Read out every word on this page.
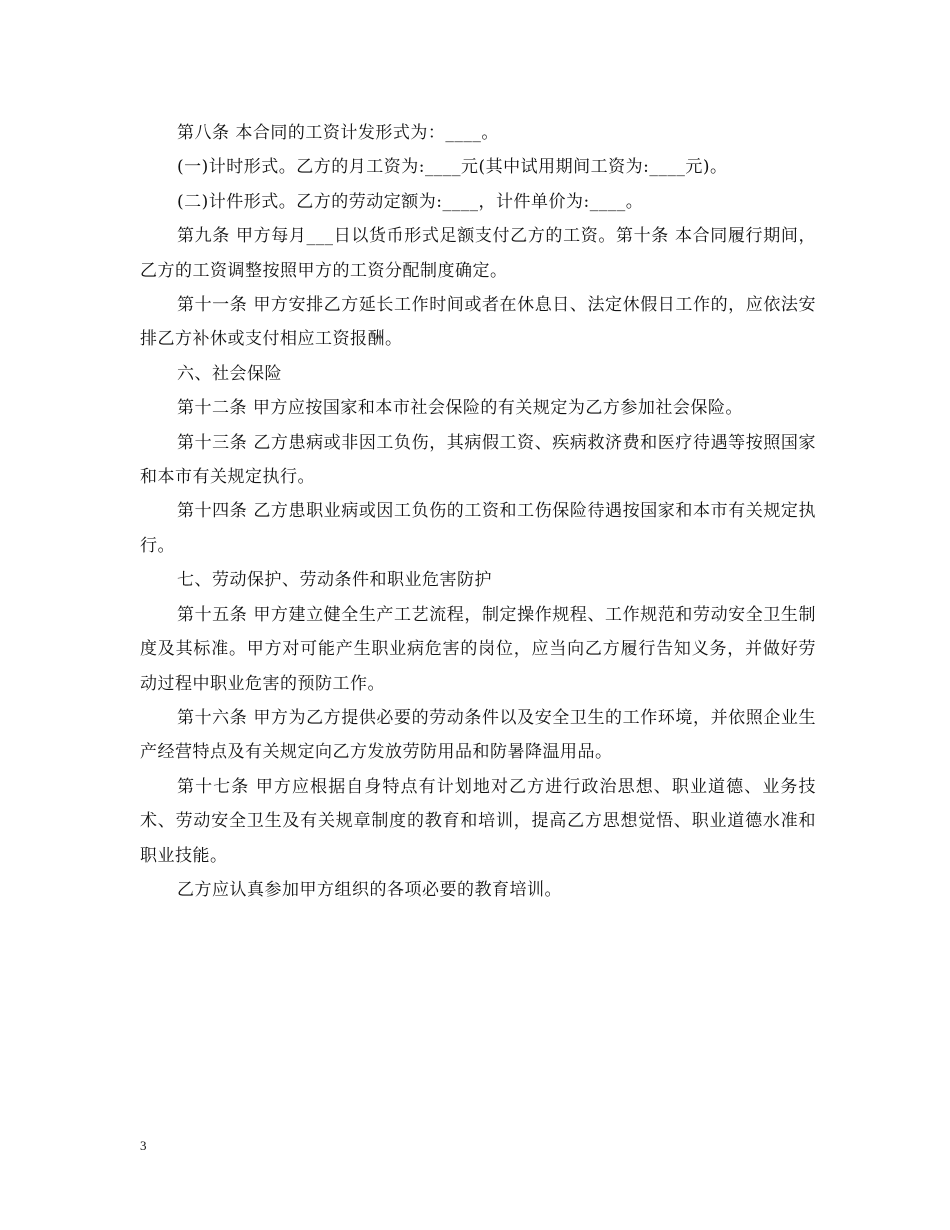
第八条 本合同的工资计发形式为：____。

(一)计时形式。乙方的月工资为:____元(其中试用期间工资为:____元)。

(二)计件形式。乙方的劳动定额为:____，计件单价为:____。

第九条 甲方每月___日以货币形式足额支付乙方的工资。第十条 本合同履行期间，乙方的工资调整按照甲方的工资分配制度确定。

第十一条 甲方安排乙方延长工作时间或者在休息日、法定休假日工作的，应依法安排乙方补休或支付相应工资报酬。

六、社会保险

第十二条 甲方应按国家和本市社会保险的有关规定为乙方参加社会保险。

第十三条 乙方患病或非因工负伤，其病假工资、疾病救济费和医疗待遇等按照国家和本市有关规定执行。

第十四条 乙方患职业病或因工负伤的工资和工伤保险待遇按国家和本市有关规定执行。

七、劳动保护、劳动条件和职业危害防护

第十五条 甲方建立健全生产工艺流程，制定操作规程、工作规范和劳动安全卫生制度及其标准。甲方对可能产生职业病危害的岗位，应当向乙方履行告知义务，并做好劳动过程中职业危害的预防工作。

第十六条 甲方为乙方提供必要的劳动条件以及安全卫生的工作环境，并依照企业生产经营特点及有关规定向乙方发放劳防用品和防暑降温用品。

第十七条 甲方应根据自身特点有计划地对乙方进行政治思想、职业道德、业务技术、劳动安全卫生及有关规章制度的教育和培训，提高乙方思想觉悟、职业道德水准和职业技能。

乙方应认真参加甲方组织的各项必要的教育培训。

3
